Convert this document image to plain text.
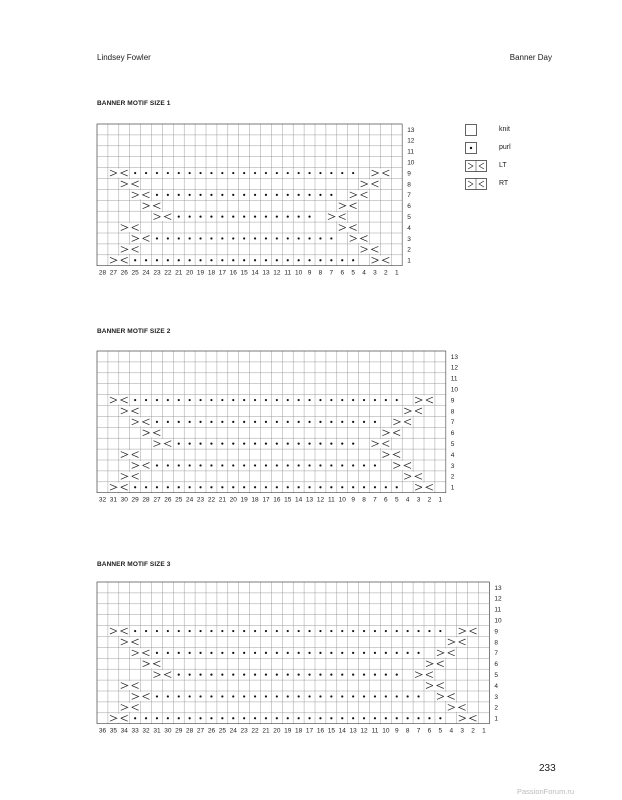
Lindsey Fowler	Banner Day
BANNER MOTIF SIZE 1
1
2
3
4
5
6
7
8
9
10
11
12
13
1
2
3
4
5
6
7
8
9
10
11
12
13
14
15
16
17
18
19
20
21
22
23
24
25
26
27
28
BANNER MOTIF SIZE 2
1
2
3
4
5
6
7
8
9
10
11
12
13
1
2
3
4
5
6
7
8
9
10
11
12
13
14
15
16
17
18
19
20
21
22
23
24
25
26
27
28
29
30
31
32
BANNER MOTIF SIZE 3
1
2
3
4
5
6
7
8
9
10
11
12
13
1
2
3
4
5
6
7
8
9
10
11
12
13
14
15
16
17
18
19
20
21
22
23
24
25
26
27
28
29
30
31
32
33
34
35
36
knit
purl
LT
RT
233
PassionForum.ru
